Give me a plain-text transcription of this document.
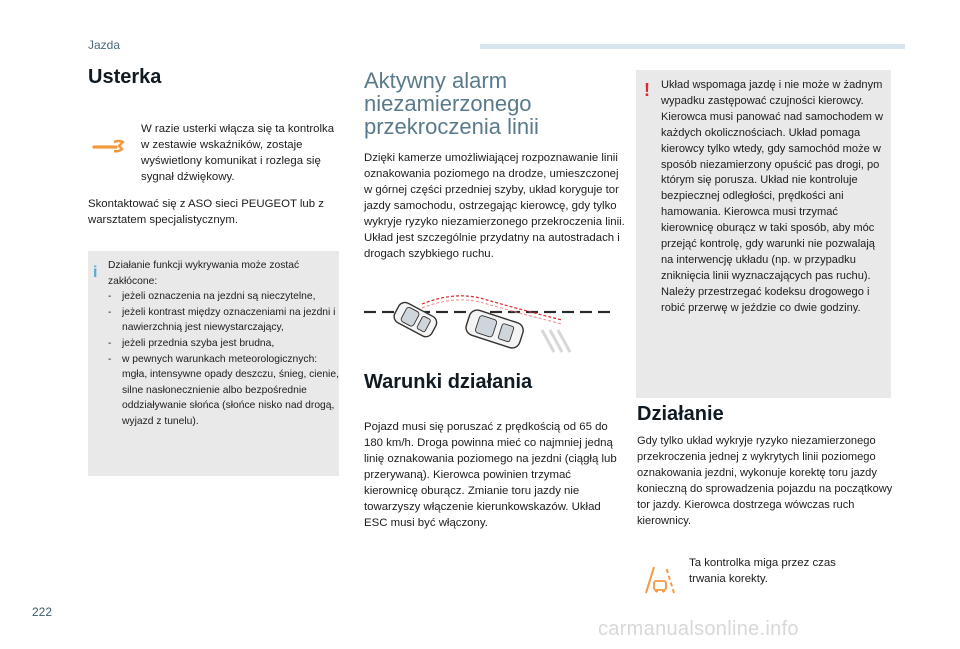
Jazda
222
carmanualsonline.info
Usterka
W razie usterki włącza się ta kontrolka w zestawie wskaźników, zostaje wyświetlony komunikat i rozlega się sygnał dźwiękowy.
Skontaktować się z ASO sieci PEUGEOT lub z warsztatem specjalistycznym.
i Działanie funkcji wykrywania może zostać zakłócone:
- jeżeli oznaczenia na jezdni są nieczytelne,
- jeżeli kontrast między oznaczeniami na jezdni i nawierzchnią jest niewystarczający,
- jeżeli przednia szyba jest brudna,
- w pewnych warunkach meteorologicznych: mgła, intensywne opady deszczu, śnieg, cienie, silne nasłonecznienie albo bezpośrednie oddziaływanie słońca (słońce nisko nad drogą, wyjazd z tunelu).
Aktywny alarm niezamierzonego przekroczenia linii
Dzięki kamerze umożliwiającej rozpoznawanie linii oznakowania poziomego na drodze, umieszczonej w górnej części przedniej szyby, układ koryguje tor jazdy samochodu, ostrzegając kierowcę, gdy tylko wykryje ryzyko niezamierzonego przekroczenia linii. Układ jest szczególnie przydatny na autostradach i drogach szybkiego ruchu.
Warunki działania
Pojazd musi się poruszać z prędkością od 65 do 180 km/h. Droga powinna mieć co najmniej jedną linię oznakowania poziomego na jezdni (ciągłą lub przerywaną). Kierowca powinien trzymać kierownicę oburącz. Zmianie toru jazdy nie towarzyszy włączenie kierunkowskazów. Układ ESC musi być włączony.
! Układ wspomaga jazdę i nie może w żadnym wypadku zastępować czujności kierowcy. Kierowca musi panować nad samochodem w każdych okolicznościach. Układ pomaga kierowcy tylko wtedy, gdy samochód może w sposób niezamierzony opuścić pas drogi, po którym się porusza. Układ nie kontroluje bezpiecznej odległości, prędkości ani hamowania. Kierowca musi trzymać kierownicę oburącz w taki sposób, aby móc przejąć kontrolę, gdy warunki nie pozwalają na interwencję układu (np. w przypadku zniknięcia linii wyznaczających pas ruchu). Należy przestrzegać kodeksu drogowego i robić przerwę w jeździe co dwie godziny.
Działanie
Gdy tylko układ wykryje ryzyko niezamierzonego przekroczenia jednej z wykrytych linii poziomego oznakowania jezdni, wykonuje korektę toru jazdy konieczną do sprowadzenia pojazdu na początkowy tor jazdy. Kierowca dostrzega wówczas ruch kierownicy.
Ta kontrolka miga przez czas trwania korekty.
